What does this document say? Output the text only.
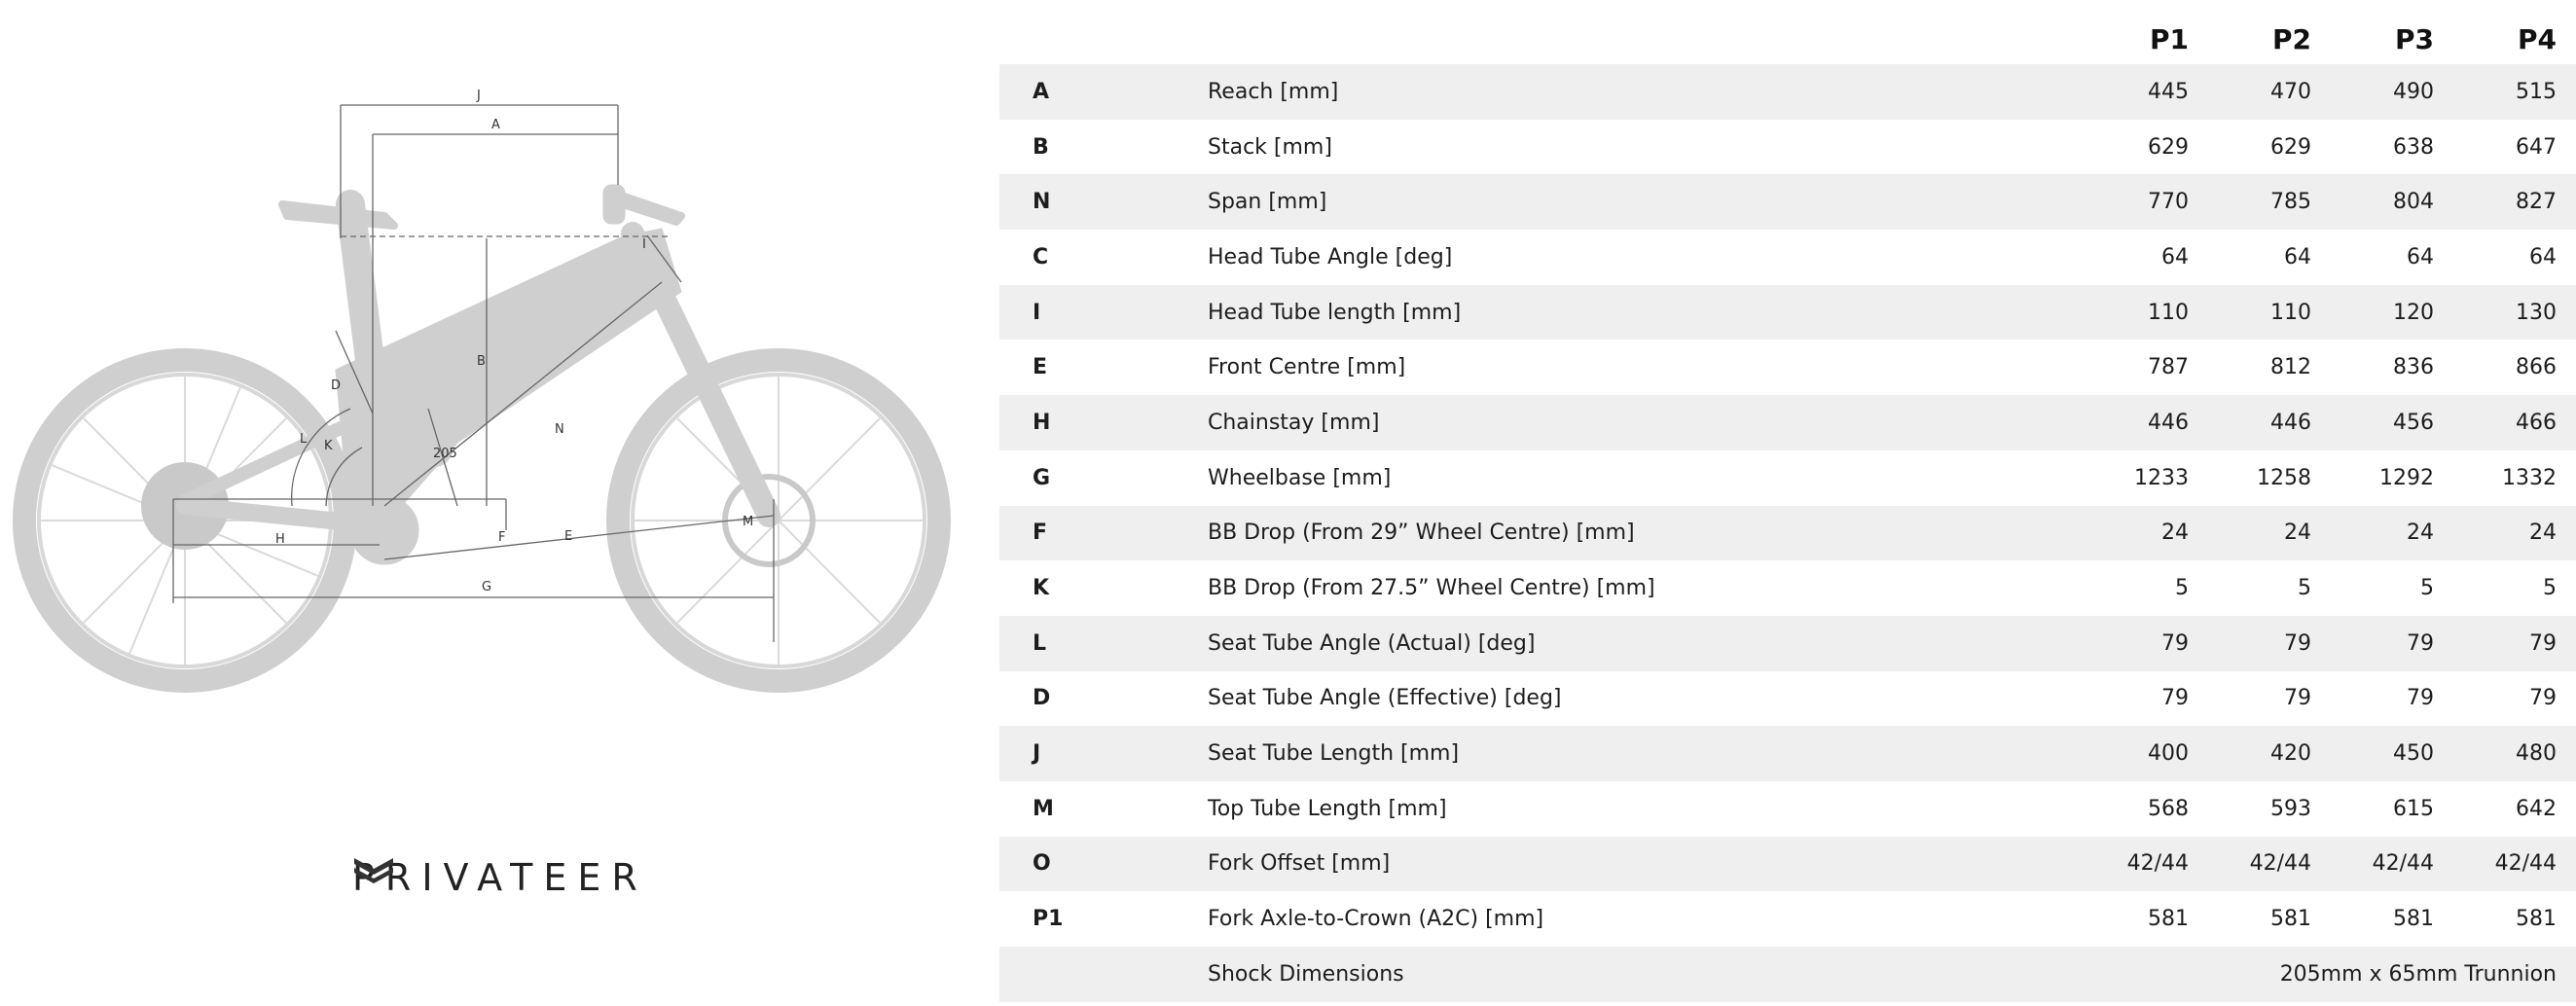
J
A
B
D
L K
205
N
I
H	F	E
M
G
PRIVATEER
		P1	P2	P3	P4
A	Reach [mm]	445	470	490	515
B	Stack [mm]	629	629	638	647
N	Span [mm]	770	785	804	827
C	Head Tube Angle [deg]	64	64	64	64
I	Head Tube length [mm]	110	110	120	130
E	Front Centre [mm]	787	812	836	866
H	Chainstay [mm]	446	446	456	466
G	Wheelbase [mm]	1233	1258	1292	1332
F	BB Drop (From 29” Wheel Centre) [mm]	24	24	24	24
K	BB Drop (From 27.5” Wheel Centre) [mm]	5	5	5	5
L	Seat Tube Angle (Actual) [deg]	79	79	79	79
D	Seat Tube Angle (Effective) [deg]	79	79	79	79
J	Seat Tube Length [mm]	400	420	450	480
M	Top Tube Length [mm]	568	593	615	642
O	Fork Offset [mm]	42/44	42/44	42/44	42/44
P1	Fork Axle-to-Crown (A2C) [mm]	581	581	581	581
	Shock Dimensions	205mm x 65mm Trunnion			
